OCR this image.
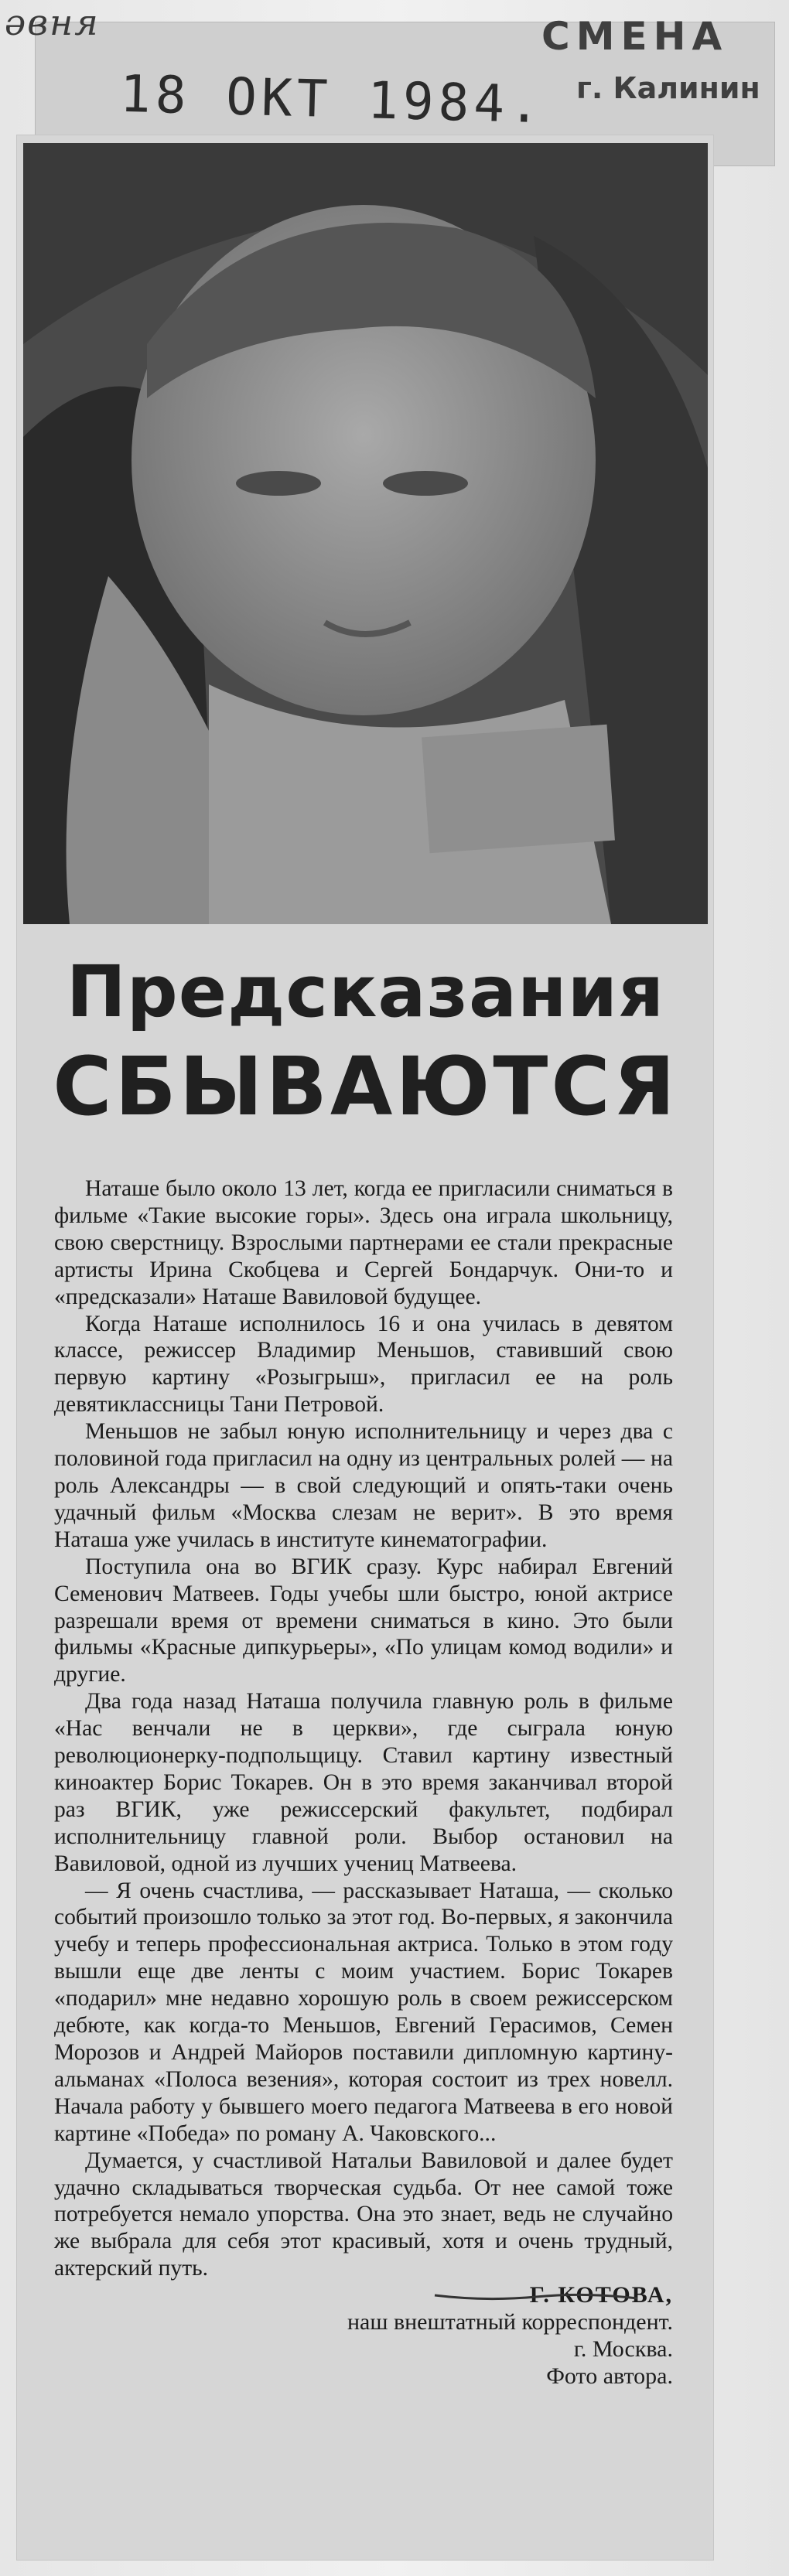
әвня
18 ОКТ 1984.
СМЕНА
г. Калинин
Предсказания
СБЫВАЮТСЯ

Наташе было около 13 лет, когда ее пригласили сниматься в фильме «Такие высокие горы». Здесь она играла школьницу, свою сверстницу. Взрослыми партнерами ее стали прекрасные артисты Ирина Скобцева и Сергей Бондарчук. Они-то и «предсказали» Наташе Вавиловой будущее.

Когда Наташе исполнилось 16 и она училась в девятом классе, режиссер Владимир Меньшов, ставивший свою первую картину «Розыгрыш», пригласил ее на роль девятиклассницы Тани Петровой.

Меньшов не забыл юную исполнительницу и через два с половиной года пригласил на одну из центральных ролей — на роль Александры — в свой следующий и опять-таки очень удачный фильм «Москва слезам не верит». В это время Наташа уже училась в институте кинематографии.

Поступила она во ВГИК сразу. Курс набирал Евгений Семенович Матвеев. Годы учебы шли быстро, юной актрисе разрешали время от времени сниматься в кино. Это были фильмы «Красные дипкурьеры», «По улицам комод водили» и другие.

Два года назад Наташа получила главную роль в фильме «Нас венчали не в церкви», где сыграла юную революционерку-подпольщицу. Ставил картину известный киноактер Борис Токарев. Он в это время заканчивал второй раз ВГИК, уже режиссерский факультет, подбирал исполнительницу главной роли. Выбор остановил на Вавиловой, одной из лучших учениц Матвеева.

— Я очень счастлива, — рассказывает Наташа, — сколько событий произошло только за этот год. Во-первых, я закончила учебу и теперь профессиональная актриса. Только в этом году вышли еще две ленты с моим участием. Борис Токарев «подарил» мне недавно хорошую роль в своем режиссерском дебюте, как когда-то Меньшов, Евгений Герасимов, Семен Морозов и Андрей Майоров поставили дипломную картину-альманах «Полоса везения», которая состоит из трех новелл. Начала работу у бывшего моего педагога Матвеева в его новой картине «Победа» по роману А. Чаковского...

Думается, у счастливой Натальи Вавиловой и далее будет удачно складываться творческая судьба. От нее самой тоже потребуется немало упорства. Она это знает, ведь не случайно же выбрала для себя этот красивый, хотя и очень трудный, актерский путь.

Г. КОТОВА,

наш внештатный корреспондент.

г. Москва.

Фото автора.
